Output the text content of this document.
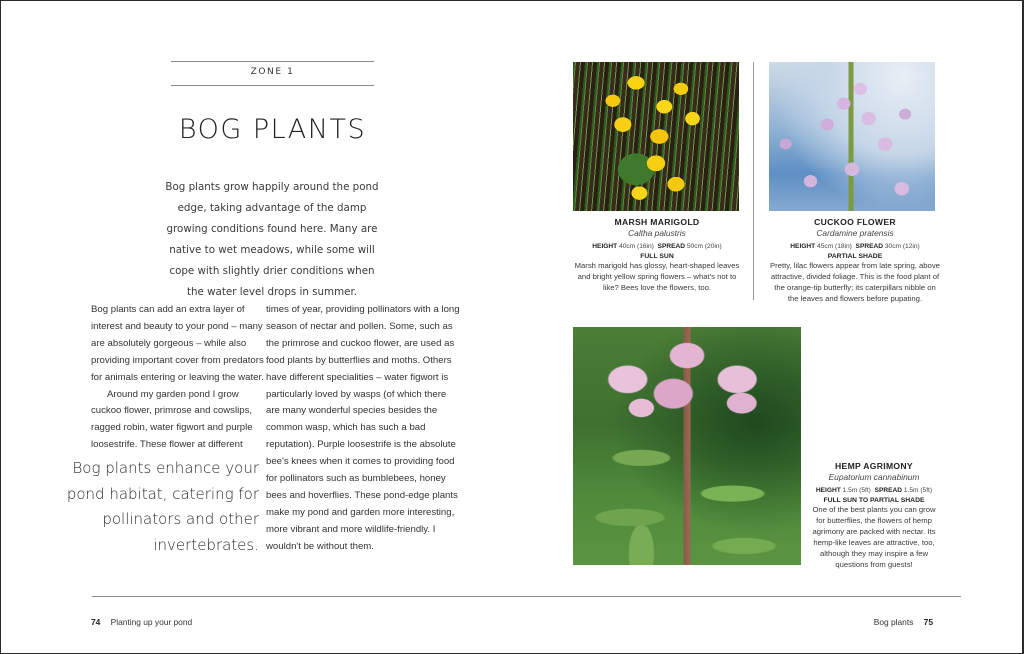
ZONE 1
BOG PLANTS

Bog plants grow happily around the pond edge, taking advantage of the damp growing conditions found here. Many are native to wet meadows, while some will cope with slightly drier conditions when the water level drops in summer.

Bog plants can add an extra layer of interest and beauty to your pond – many are absolutely gorgeous – while also providing important cover from predators for animals entering or leaving the water.

Around my garden pond I grow cuckoo flower, primrose and cowslips, ragged robin, water figwort and purple loosestrife. These flower at different

times of year, providing pollinators with a long season of nectar and pollen. Some, such as the primrose and cuckoo flower, are used as food plants by butterflies and moths. Others have different specialities – water figwort is particularly loved by wasps (of which there are many wonderful species besides the common wasp, which has such a bad reputation). Purple loosestrife is the absolute bee's knees when it comes to providing food for pollinators such as bumblebees, honey bees and hoverflies. These pond-edge plants make my pond and garden more interesting, more vibrant and more wildlife-friendly. I wouldn't be without them.

Bog plants enhance your pond habitat, catering for pollinators and other invertebrates.

MARSH MARIGOLD
Caltha palustris
HEIGHT 40cm (16in) SPREAD 50cm (20in)
FULL SUN
Marsh marigold has glossy, heart-shaped leaves and bright yellow spring flowers – what's not to like? Bees love the flowers, too.
CUCKOO FLOWER
Cardamine pratensis
HEIGHT 45cm (18in) SPREAD 30cm (12in)
PARTIAL SHADE
Pretty, lilac flowers appear from late spring, above attractive, divided foliage. This is the food plant of the orange-tip butterfly; its caterpillars nibble on the leaves and flowers before pupating.
HEMP AGRIMONY
Eupatorium cannabinum
HEIGHT 1.5m (5ft) SPREAD 1.5m (5ft)
FULL SUN TO PARTIAL SHADE
One of the best plants you can grow for butterflies, the flowers of hemp agrimony are packed with nectar. Its hemp-like leaves are attractive, too, although they may inspire a few questions from guests!
74 Planting up your pond	Bog plants 75
